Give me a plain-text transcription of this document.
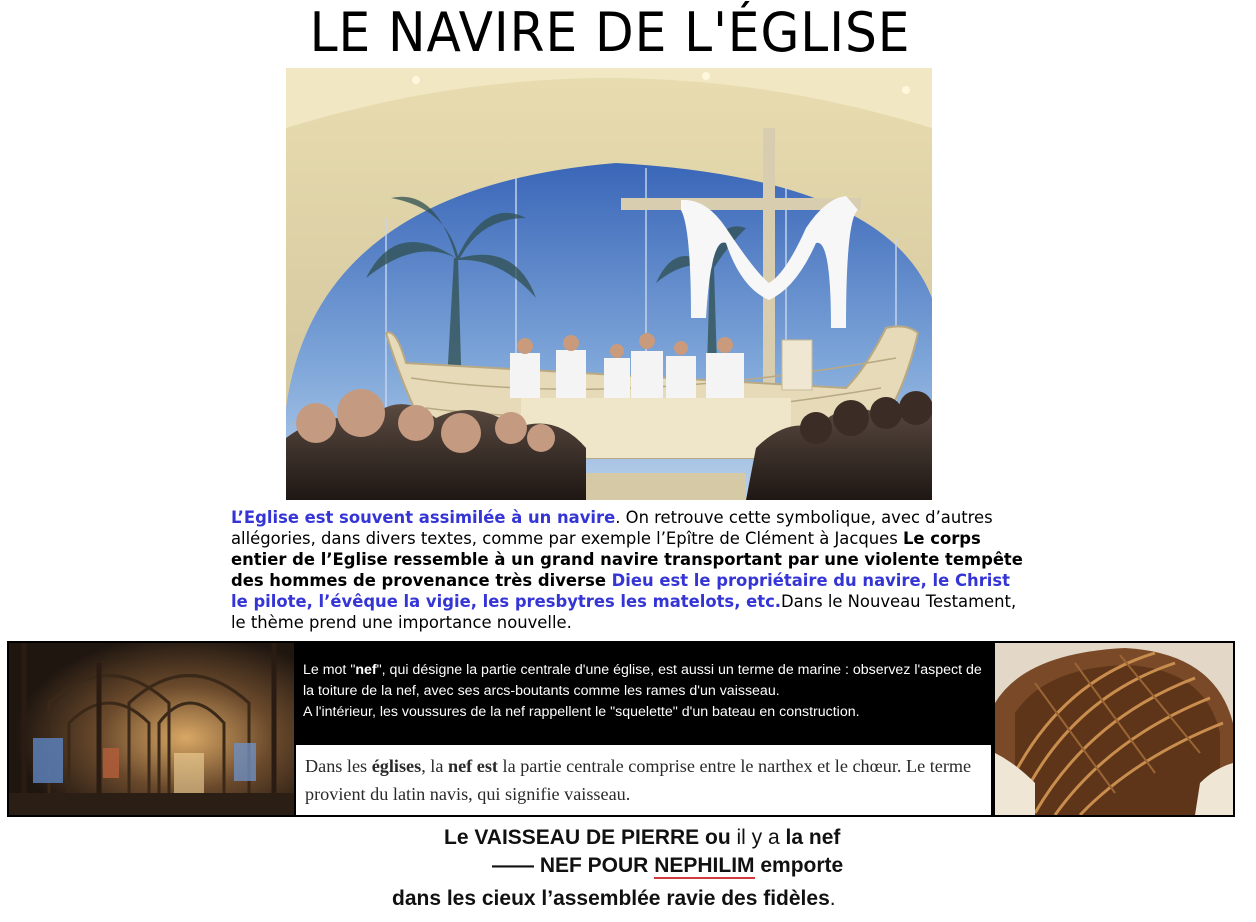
LE NAVIRE DE L'ÉGLISE
L’Eglise est souvent assimilée à un navire. On retrouve cette symbolique, avec d’autres allégories, dans divers textes, comme par exemple l’Epître de Clément à Jacques Le corps entier de l’Eglise ressemble à un grand navire transportant par une violente tempête des hommes de provenance très diverse Dieu est le propriétaire du navire, le Christ le pilote, l’évêque la vigie, les presbytres les matelots, etc.Dans le Nouveau Testament, le thème prend une importance nouvelle.
Le mot "nef", qui désigne la partie centrale d'une église, est aussi un terme de marine : observez l'aspect de la toiture de la nef, avec ses arcs-boutants comme les rames d'un vaisseau.
A l'intérieur, les voussures de la nef rappellent le "squelette" d'un bateau en construction.
Dans les églises, la nef est la partie centrale comprise entre le narthex et le chœur. Le terme provient du latin navis, qui signifie vaisseau.
Le VAISSEAU DE PIERRE ou il y a la nef
—— NEF POUR NEPHILIM
emporte
dans les cieux l’assemblée ravie des fidèles.
